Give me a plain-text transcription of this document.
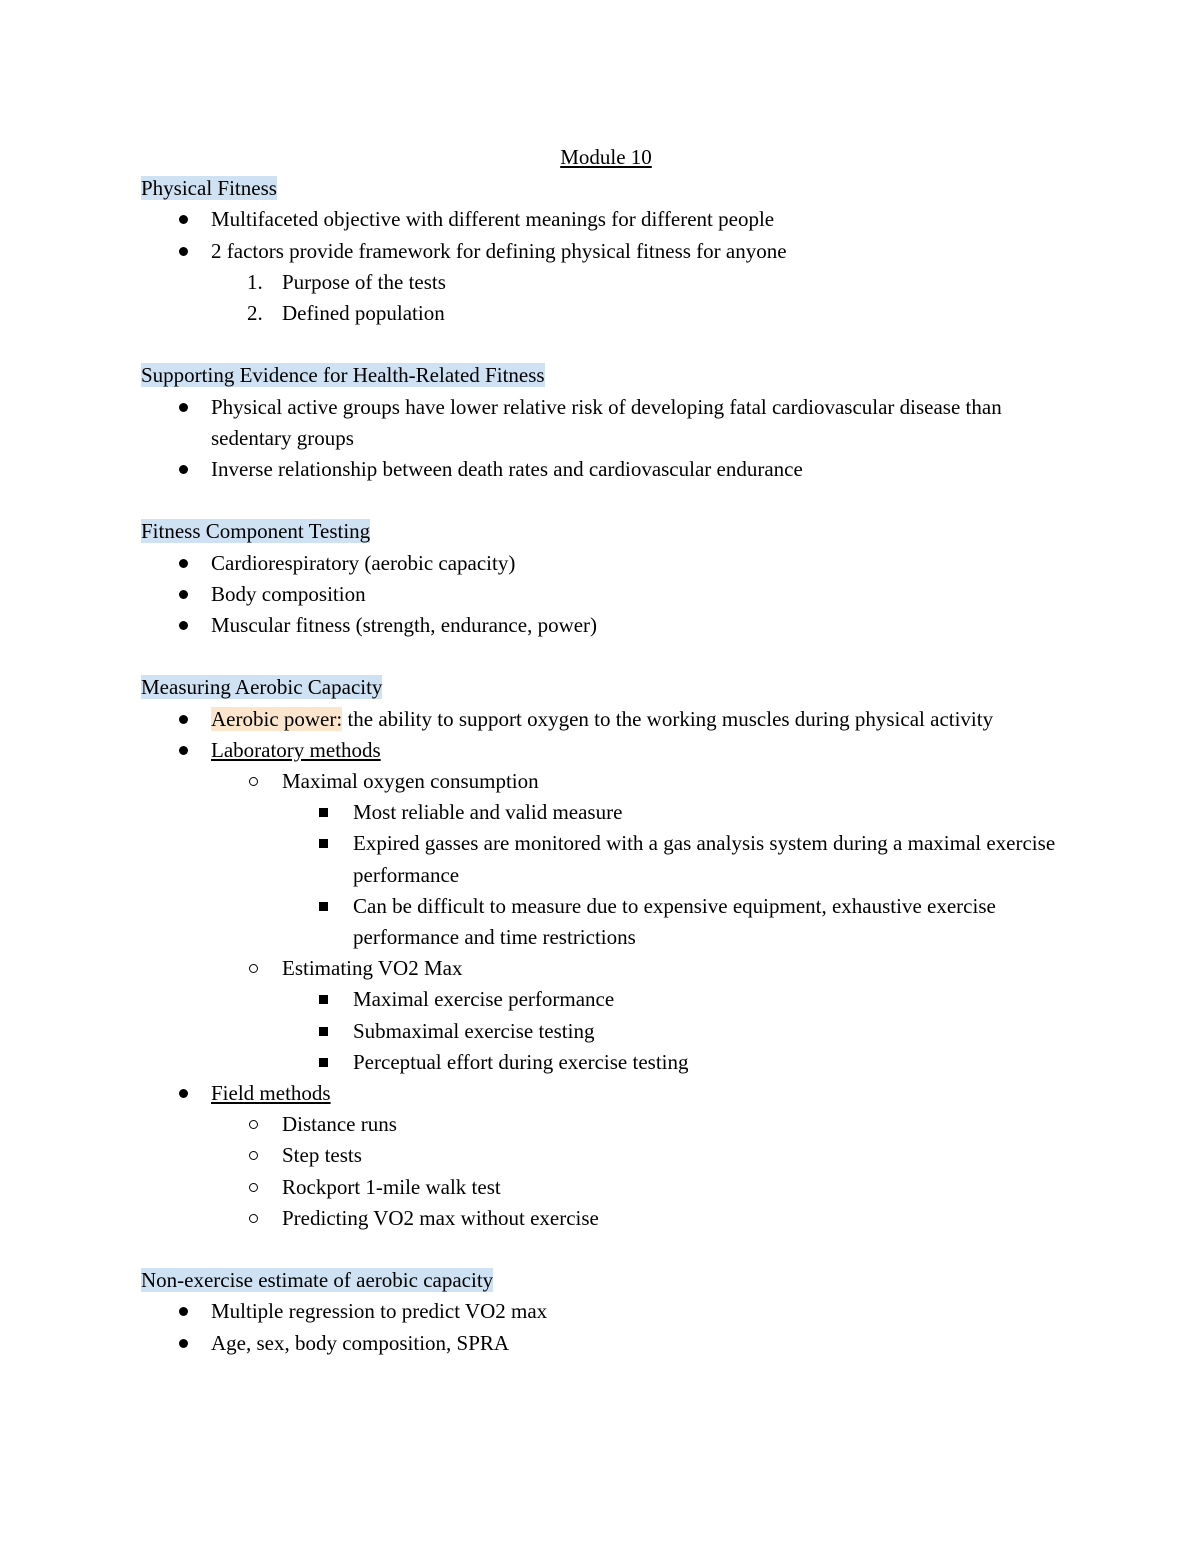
Module 10
Physical Fitness
Multifaceted objective with different meanings for different people
2 factors provide framework for defining physical fitness for anyone
1. Purpose of the tests
2. Defined population
Supporting Evidence for Health-Related Fitness
Physical active groups have lower relative risk of developing fatal cardiovascular disease than sedentary groups
Inverse relationship between death rates and cardiovascular endurance
Fitness Component Testing
Cardiorespiratory (aerobic capacity)
Body composition
Muscular fitness (strength, endurance, power)
Measuring Aerobic Capacity
Aerobic power: the ability to support oxygen to the working muscles during physical activity
Laboratory methods
Maximal oxygen consumption
Most reliable and valid measure
Expired gasses are monitored with a gas analysis system during a maximal exercise performance
Can be difficult to measure due to expensive equipment, exhaustive exercise performance and time restrictions
Estimating VO2 Max
Maximal exercise performance
Submaximal exercise testing
Perceptual effort during exercise testing
Field methods
Distance runs
Step tests
Rockport 1-mile walk test
Predicting VO2 max without exercise
Non-exercise estimate of aerobic capacity
Multiple regression to predict VO2 max
Age, sex, body composition, SPRA
